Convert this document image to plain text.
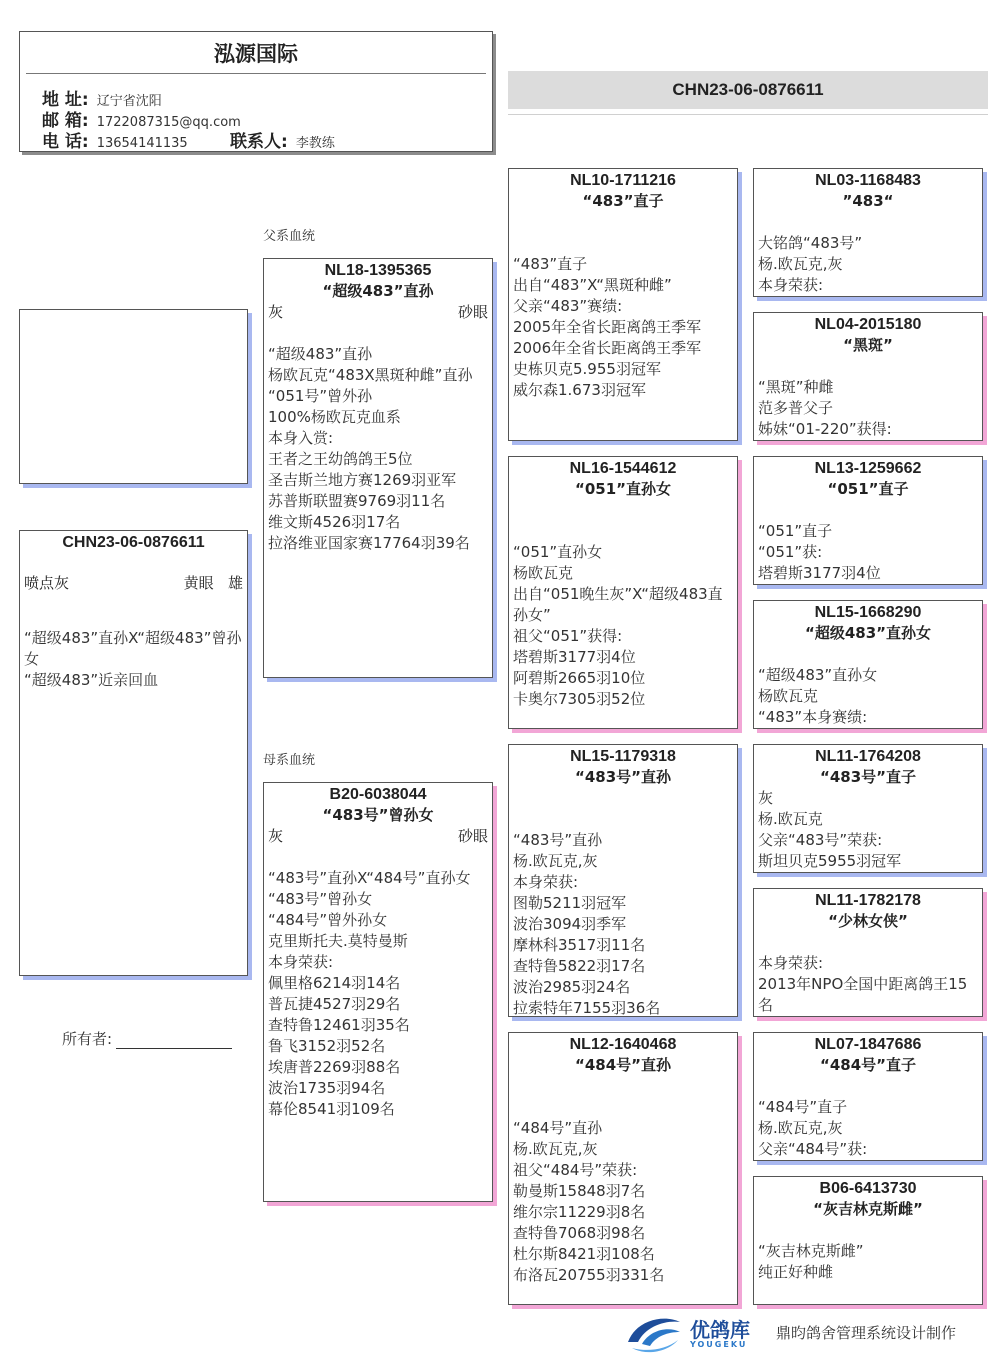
泓源国际
地 址: 辽宁省沈阳
邮 箱: 1722087315@qq.com
电 话: 13654141135 联系人: 李教练
CHN23-06-0876611
CHN23-06-0876611
喷点灰	黄眼 雄
“超级483”直孙X“超级483”曾孙女
“超级483”近亲回血
所有者:
父系血统
母系血统
NL18-1395365
“超级483”直孙
灰	砂眼
“超级483”直孙
杨欧瓦克“483X黑斑种雌”直孙
“051号”曾外孙
100%杨欧瓦克血系
本身入赏:
王者之王幼鸽鸽王5位
圣吉斯兰地方赛1269羽亚军
苏普斯联盟赛9769羽11名
维文斯4526羽17名
拉洛维亚国家赛17764羽39名
B20-6038044
“483号”曾孙女
灰	砂眼
“483号”直孙X“484号”直孙女
“483号”曾孙女
“484号”曾外孙女
克里斯托夫.莫特曼斯
本身荣获:
佩里格6214羽14名
普瓦捷4527羽29名
查特鲁12461羽35名
鲁飞3152羽52名
埃唐普2269羽88名
波治1735羽94名
幕伦8541羽109名
NL10-1711216
“483”直子
“483”直子
出自“483”X“黑斑种雌”
父亲“483”赛绩:
2005年全省长距离鸽王季军
2006年全省长距离鸽王季军
史栋贝克5.955羽冠军
威尔森1.673羽冠军
NL16-1544612
“051”直孙女
“051”直孙女
杨欧瓦克
出自“051晚生灰”X“超级483直孙女”
祖父“051”获得:
塔碧斯3177羽4位
阿碧斯2665羽10位
卡奥尔7305羽52位
NL15-1179318
“483号”直孙
“483号”直孙
杨.欧瓦克,灰
本身荣获:
图勒5211羽冠军
波治3094羽季军
摩林科3517羽11名
查特鲁5822羽17名
波治2985羽24名
拉索特年7155羽36名
NL12-1640468
“484号”直孙
“484号”直孙
杨.欧瓦克,灰
祖父“484号”荣获:
勒曼斯15848羽7名
维尔宗11229羽8名
查特鲁7068羽98名
杜尔斯8421羽108名
布洛瓦20755羽331名
NL03-1168483
”483“
大铭鸽“483号”
杨.欧瓦克,灰
本身荣获:
NL04-2015180
“黑斑”
“黑斑”种雌
范多普父子
姊妹“01-220”获得:
NL13-1259662
“051”直子
“051”直子
“051”获:
塔碧斯3177羽4位
NL15-1668290
“超级483”直孙女
“超级483”直孙女
杨欧瓦克
“483”本身赛绩:
NL11-1764208
“483号”直子
灰
杨.欧瓦克
父亲“483号”荣获:
斯坦贝克5955羽冠军
NL11-1782178
“少林女侠”
本身荣获:
2013年NPO全国中距离鸽王15名
NL07-1847686
“484号”直子
“484号”直子
杨.欧瓦克,灰
父亲“484号”获:
B06-6413730
“灰吉林克斯雌”
“灰吉林克斯雌”
纯正好种雌
优鸽库
YOUGEKU
鼎昀鸽舍管理系统设计制作
